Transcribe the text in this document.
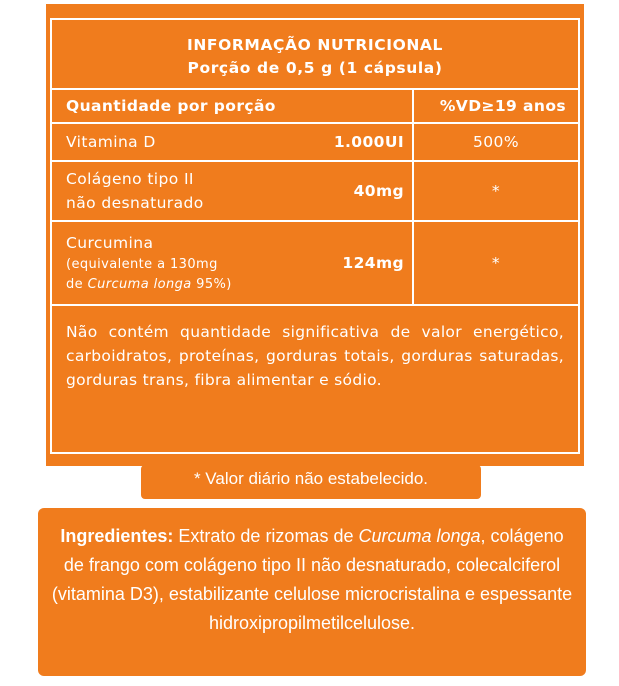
INFORMAÇÃO NUTRICIONAL
Porção de 0,5 g (1 cápsula)
Quantidade por porção	%VD≥19 anos
Vitamina D	1.000UI	500%
Colágeno tipo II
não desnaturado
40mg	*
Curcumina
(equivalente a 130mg
de Curcuma longa 95%)
124mg	*
Não contém quantidade significativa de valor energético, carboidratos, proteínas, gorduras totais, gorduras saturadas, gorduras trans, fibra alimentar e sódio.
* Valor diário não estabelecido.
Ingredientes: Extrato de rizomas de Curcuma longa, colágeno de frango com colágeno tipo II não desnaturado, colecalciferol (vitamina D3), estabilizante celulose microcristalina e espessante hidroxipropilmetilcelulose.
